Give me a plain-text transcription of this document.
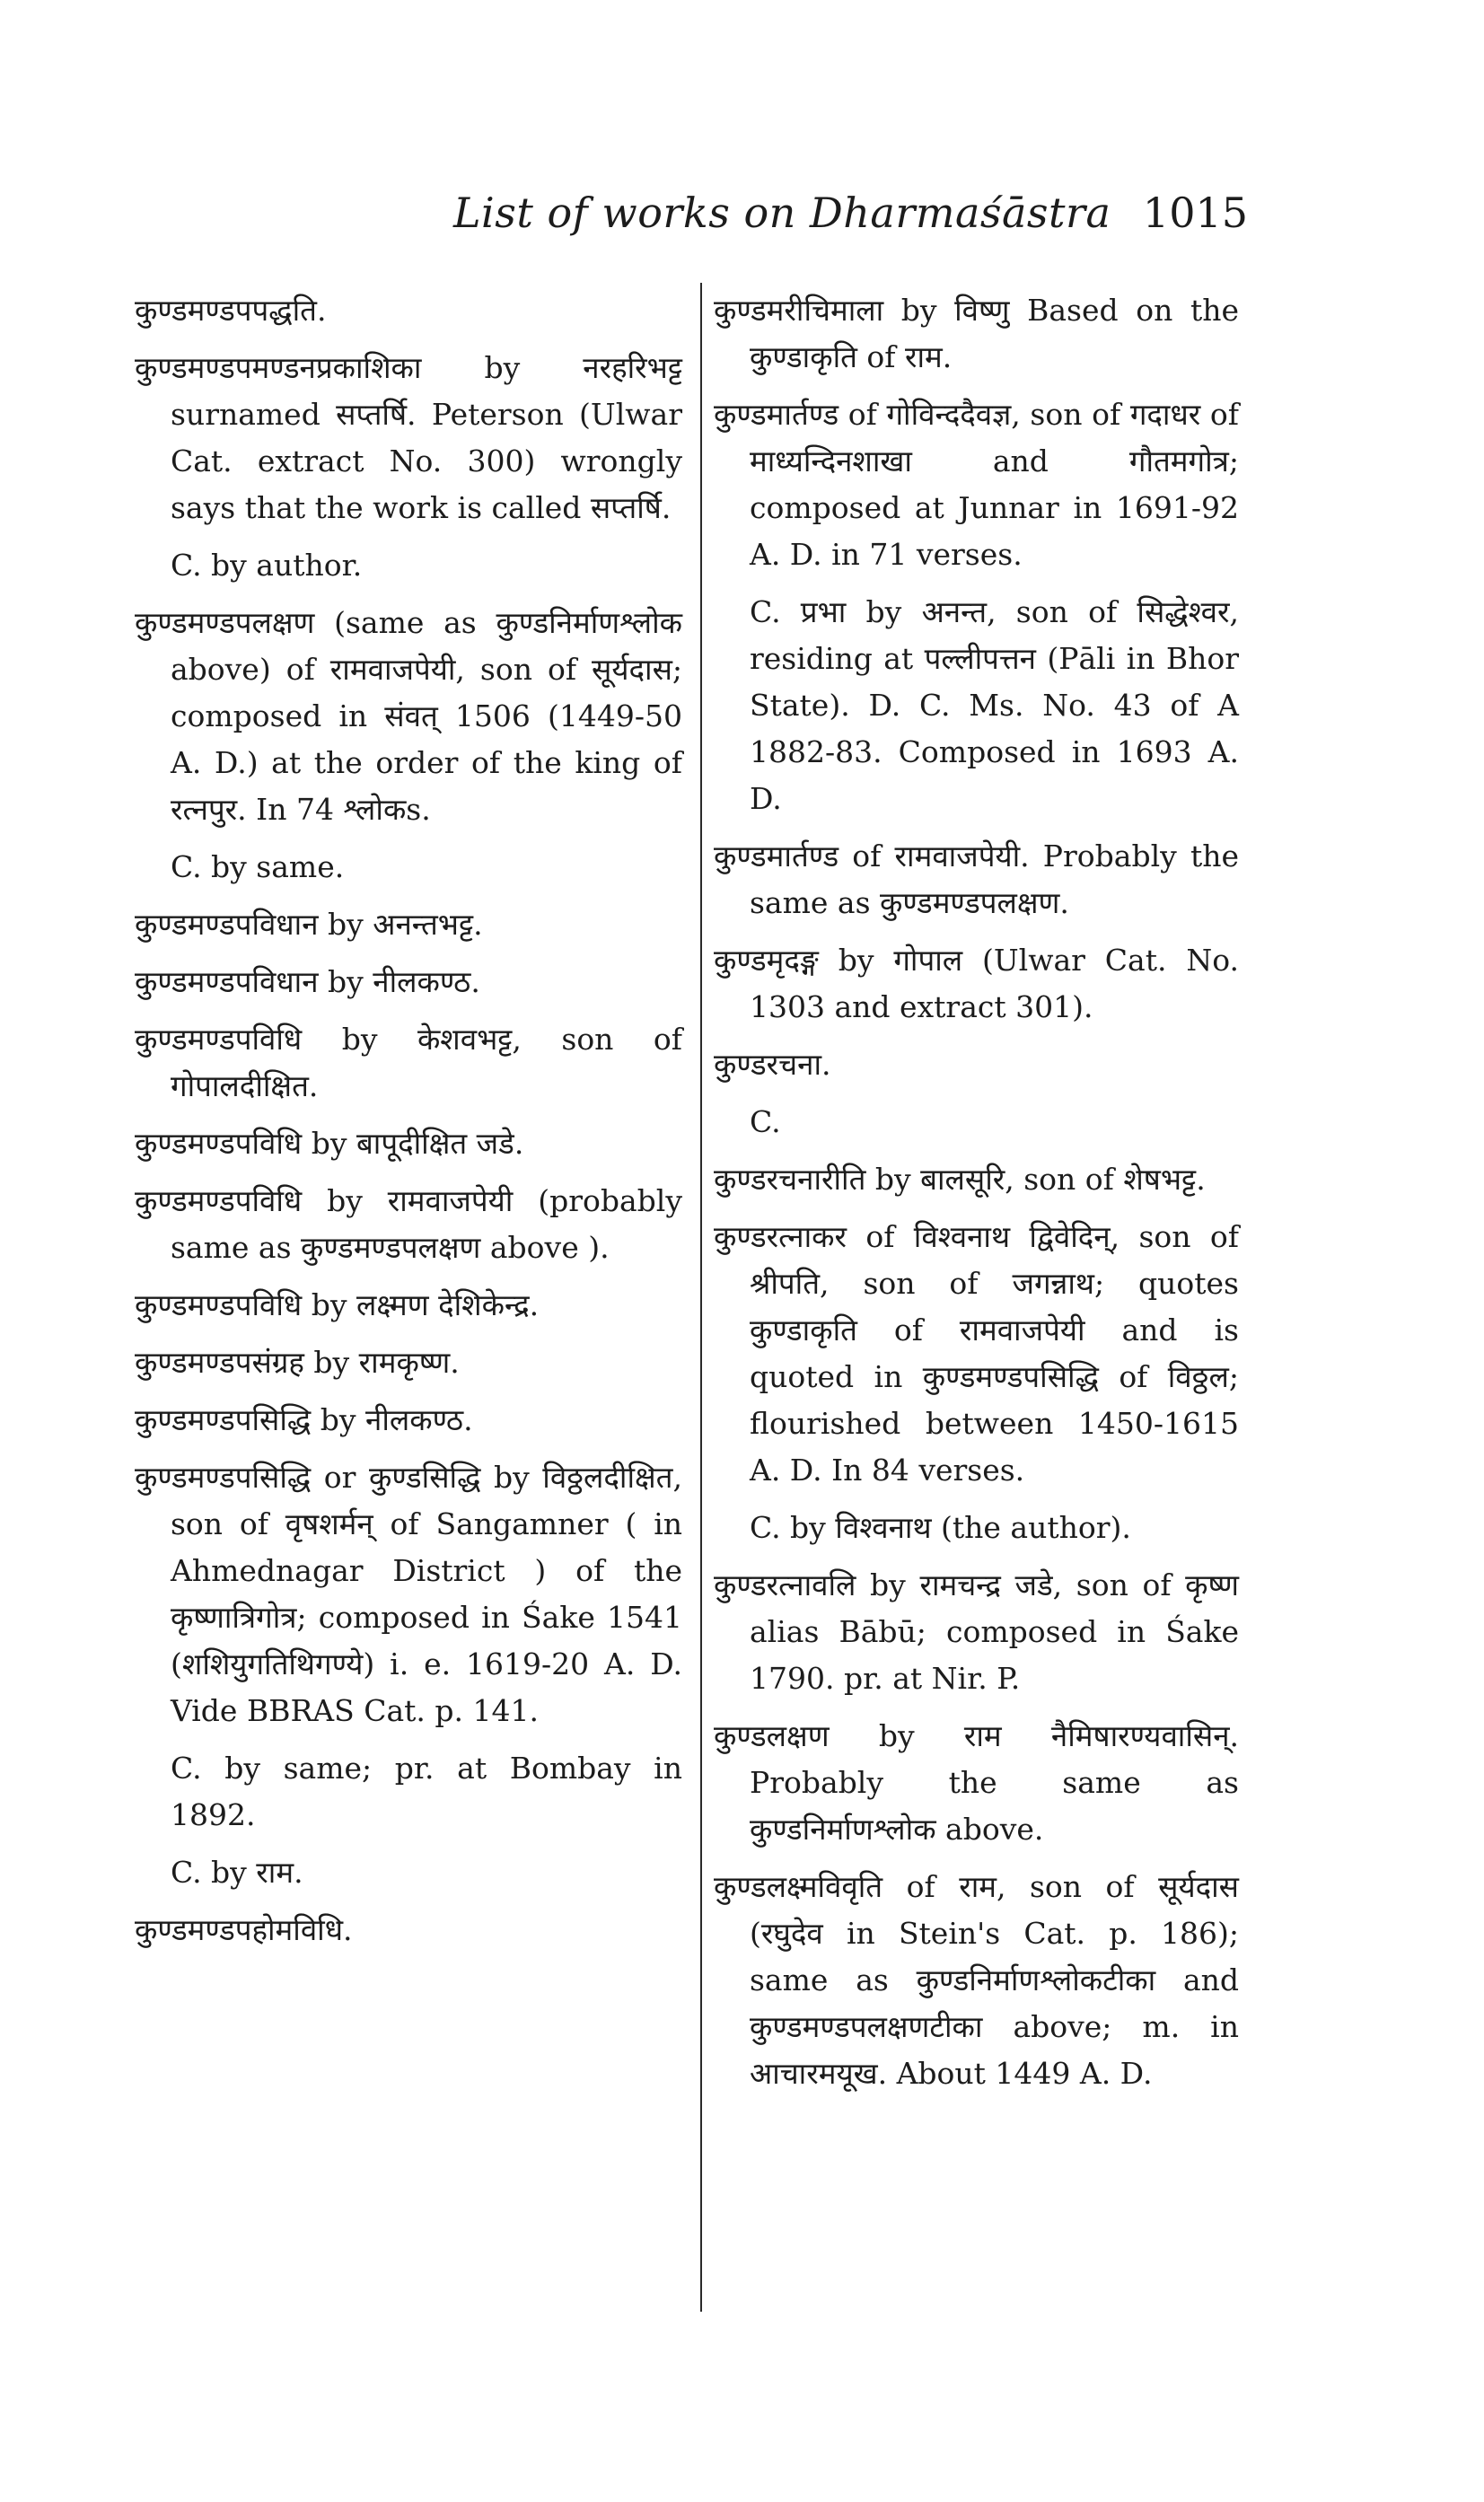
List of works on Dharmaśāstra 1015

कुण्डमण्डपपद्धति.

कुण्डमण्डपमण्डनप्रकाशिका by नरहरिभट्ट surnamed सप्तर्षि. Peterson (Ulwar Cat. extract No. 300) wrongly says that the work is called सप्तर्षि.

C. by author.

कुण्डमण्डपलक्षण (same as कुण्डनिर्माणश्लोक above) of रामवाजपेयी, son of सूर्यदास; composed in संवत् 1506 (1449-50 A. D.) at the order of the king of रत्नपुर. In 74 श्लोकs.

C. by same.

कुण्डमण्डपविधान by अनन्तभट्ट.

कुण्डमण्डपविधान by नीलकण्ठ.

कुण्डमण्डपविधि by केशवभट्ट, son of गोपालदीक्षित.

कुण्डमण्डपविधि by बापूदीक्षित जडे.

कुण्डमण्डपविधि by रामवाजपेयी (probably same as कुण्डमण्डपलक्षण above ).

कुण्डमण्डपविधि by लक्ष्मण देशिकेन्द्र.

कुण्डमण्डपसंग्रह by रामकृष्ण.

कुण्डमण्डपसिद्धि by नीलकण्ठ.

कुण्डमण्डपसिद्धि or कुण्डसिद्धि by विठ्ठलदीक्षित, son of वृषशर्मन् of Sangamner ( in Ahmednagar District ) of the कृष्णात्रिगोत्र; composed in Śake 1541 (शशियुगतिथिगण्ये) i. e. 1619-20 A. D. Vide BBRAS Cat. p. 141.

C. by same; pr. at Bombay in 1892.

C. by राम.

कुण्डमण्डपहोमविधि.

कुण्डमरीचिमाला by विष्णु Based on the कुण्डाकृति of राम.

कुण्डमार्तण्ड of गोविन्ददैवज्ञ, son of गदाधर of माध्यन्दिनशाखा and गौतमगोत्र; composed at Junnar in 1691-92 A. D. in 71 verses.

C. प्रभा by अनन्त, son of सिद्धेश्वर, residing at पल्लीपत्तन (Pāli in Bhor State). D. C. Ms. No. 43 of A 1882-83. Composed in 1693 A. D.

कुण्डमार्तण्ड of रामवाजपेयी. Probably the same as कुण्डमण्डपलक्षण.

कुण्डमृदङ्ग by गोपाल (Ulwar Cat. No. 1303 and extract 301).

कुण्डरचना.

C.

कुण्डरचनारीति by बालसूरि, son of शेषभट्ट.

कुण्डरत्नाकर of विश्वनाथ द्विवेदिन्, son of श्रीपति, son of जगन्नाथ; quotes कुण्डाकृति of रामवाजपेयी and is quoted in कुण्डमण्डपसिद्धि of विठ्ठल; flourished between 1450-1615 A. D. In 84 verses.

C. by विश्वनाथ (the author).

कुण्डरत्नावलि by रामचन्द्र जडे, son of कृष्ण alias Bābū; composed in Śake 1790. pr. at Nir. P.

कुण्डलक्षण by राम नैमिषारण्यवासिन्. Probably the same as कुण्डनिर्माणश्लोक above.

कुण्डलक्ष्मविवृति of राम, son of सूर्यदास (रघुदेव in Stein's Cat. p. 186); same as कुण्डनिर्माणश्लोकटीका and कुण्डमण्डपलक्षणटीका above; m. in आचारमयूख. About 1449 A. D.
